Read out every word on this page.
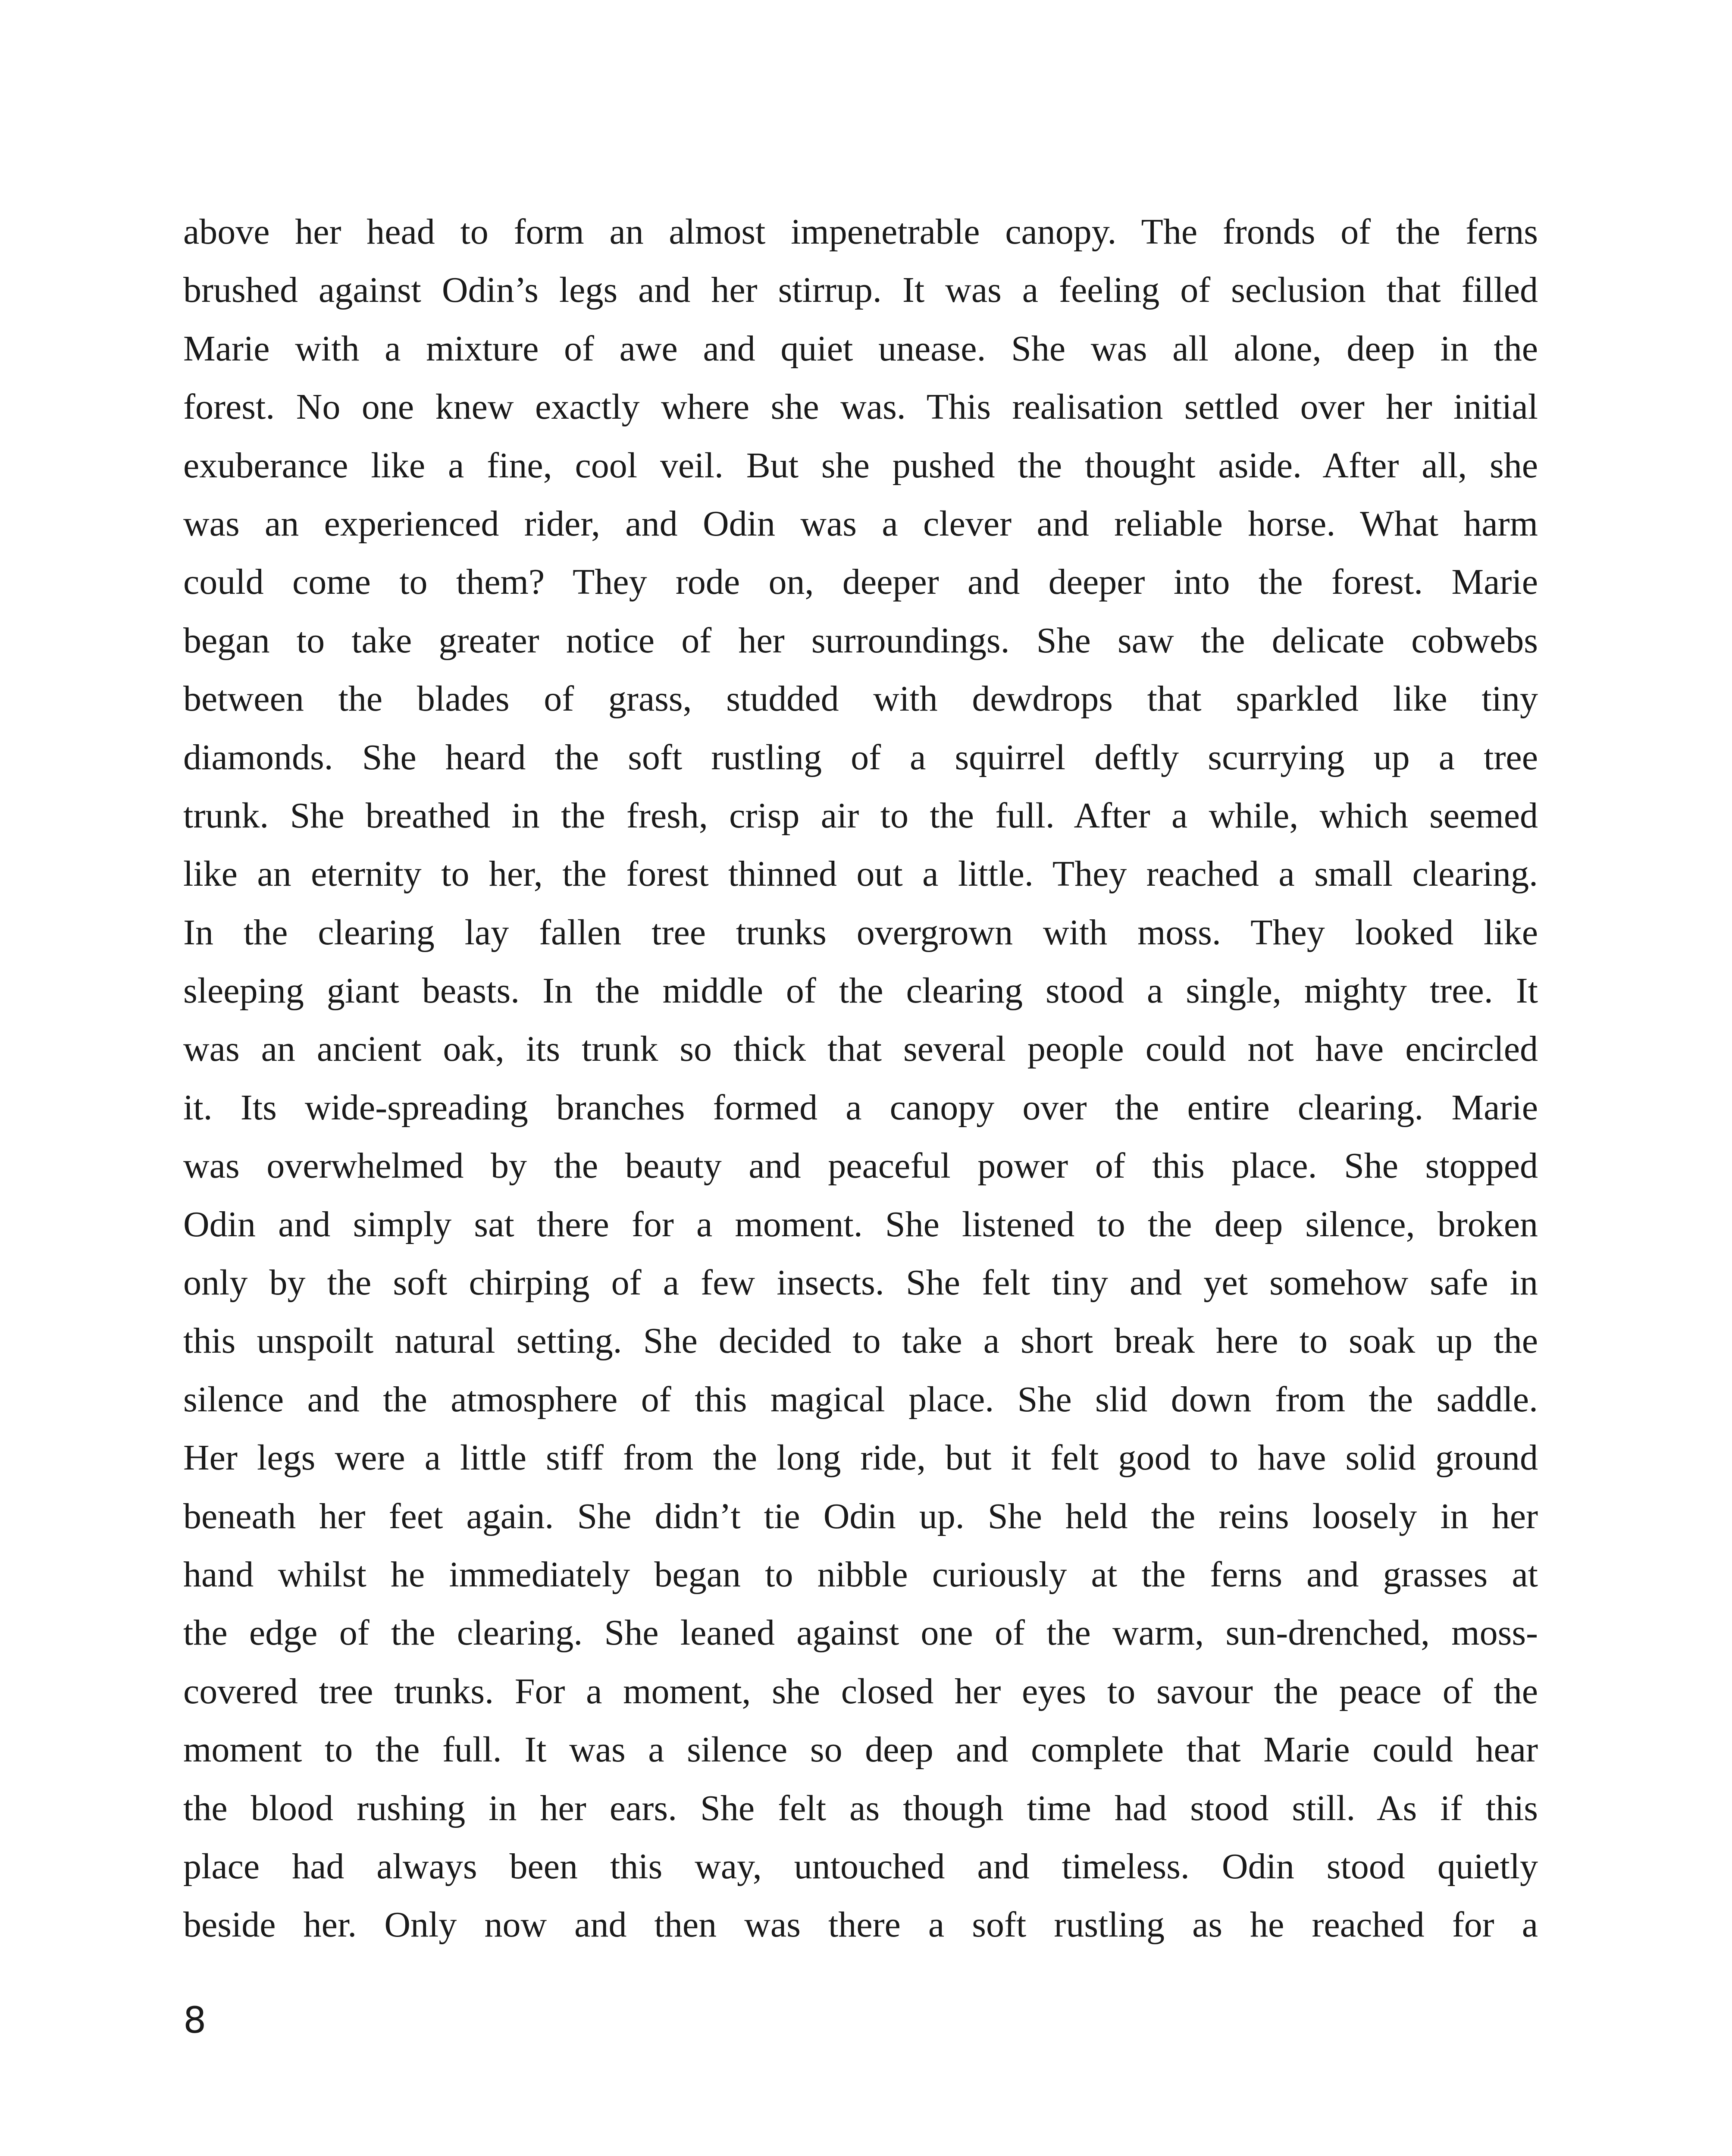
above her head to form an almost impenetrable canopy. The fronds of the ferns
brushed against Odin’s legs and her stirrup. It was a feeling of seclusion that filled
Marie with a mixture of awe and quiet unease. She was all alone, deep in the
forest. No one knew exactly where she was. This realisation settled over her initial
exuberance like a fine, cool veil. But she pushed the thought aside. After all, she
was an experienced rider, and Odin was a clever and reliable horse. What harm
could come to them? They rode on, deeper and deeper into the forest. Marie
began to take greater notice of her surroundings. She saw the delicate cobwebs
between the blades of grass, studded with dewdrops that sparkled like tiny
diamonds. She heard the soft rustling of a squirrel deftly scurrying up a tree
trunk. She breathed in the fresh, crisp air to the full. After a while, which seemed
like an eternity to her, the forest thinned out a little. They reached a small clearing.
In the clearing lay fallen tree trunks overgrown with moss. They looked like
sleeping giant beasts. In the middle of the clearing stood a single, mighty tree. It
was an ancient oak, its trunk so thick that several people could not have encircled
it. Its wide-spreading branches formed a canopy over the entire clearing. Marie
was overwhelmed by the beauty and peaceful power of this place. She stopped
Odin and simply sat there for a moment. She listened to the deep silence, broken
only by the soft chirping of a few insects. She felt tiny and yet somehow safe in
this unspoilt natural setting. She decided to take a short break here to soak up the
silence and the atmosphere of this magical place. She slid down from the saddle.
Her legs were a little stiff from the long ride, but it felt good to have solid ground
beneath her feet again. She didn’t tie Odin up. She held the reins loosely in her
hand whilst he immediately began to nibble curiously at the ferns and grasses at
the edge of the clearing. She leaned against one of the warm, sun-drenched, moss-
covered tree trunks. For a moment, she closed her eyes to savour the peace of the
moment to the full. It was a silence so deep and complete that Marie could hear
the blood rushing in her ears. She felt as though time had stood still. As if this
place had always been this way, untouched and timeless. Odin stood quietly
beside her. Only now and then was there a soft rustling as he reached for a

8
